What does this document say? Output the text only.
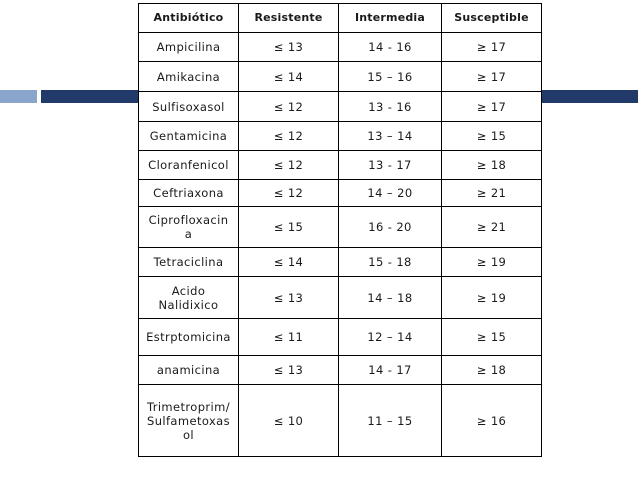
Antibiótico	Resistente	Intermedia	Susceptible
Ampicilina	≤ 13	14 - 16	≥ 17
Amikacina	≤ 14	15 – 16	≥ 17
Sulfisoxasol	≤ 12	13 - 16	≥ 17
Gentamicina	≤ 12	13 – 14	≥ 15
Cloranfenicol	≤ 12	13 - 17	≥ 18
Ceftriaxona	≤ 12	14 – 20	≥ 21
Ciprofloxacin
a	≤ 15	16 - 20	≥ 21
Tetraciclina	≤ 14	15 - 18	≥ 19
Acido
Nalidixico	≤ 13	14 – 18	≥ 19
Estrptomicina	≤ 11	12 – 14	≥ 15
anamicina	≤ 13	14 - 17	≥ 18
Trimetroprim/
Sulfametoxas
ol	≤ 10	11 – 15	≥ 16
